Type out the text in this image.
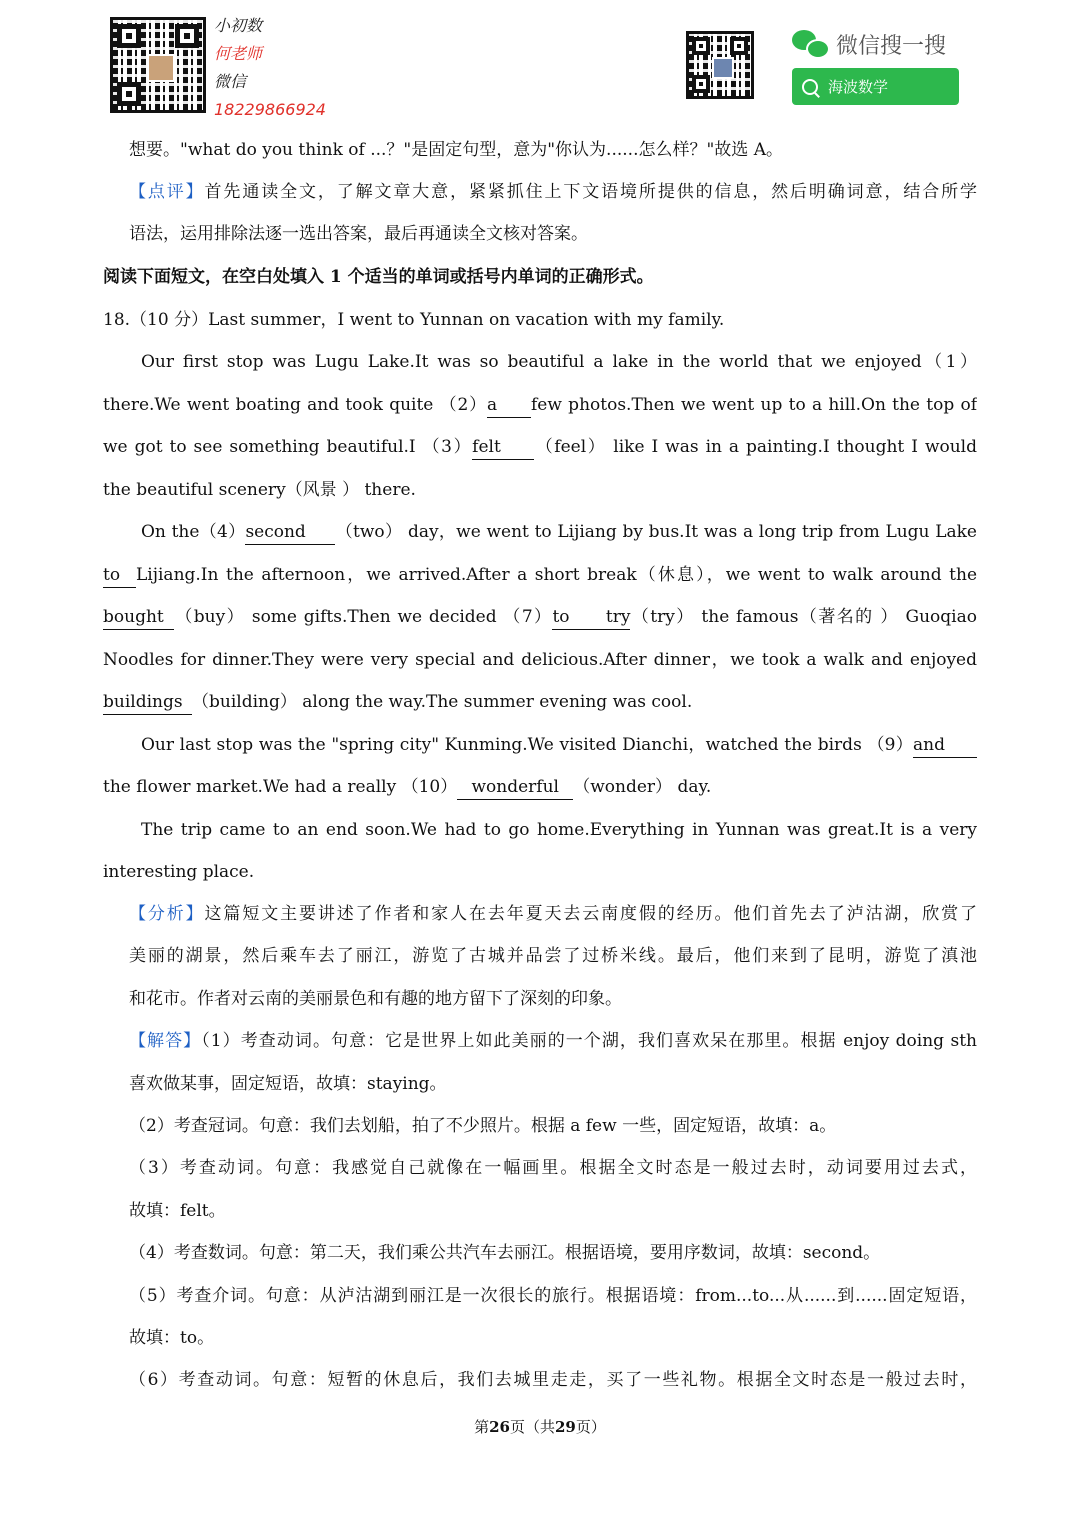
小初数
何老师
微信
18229866924
微信搜一搜
海波数学
想要。"what do you think of ...？"是固定句型，意为"你认为......怎么样？"故选 A。
【点评】首先通读全文，了解文章大意，紧紧抓住上下文语境所提供的信息，然后明确词意，结合所学
语法，运用排除法逐一选出答案，最后再通读全文核对答案。
阅读下面短文，在空白处填入 1 个适当的单词或括号内单词的正确形式。
18.（10 分）Last summer，I went to Yunnan on vacation with my family.
Our first stop was Lugu Lake.It was so beautiful a lake in the world that we enjoyed（1）
there.We went boating and took quite （2）a few photos.Then we went up to a hill.On the top of
we got to see something beautiful.I （3）felt （feel） like I was in a painting.I thought I would
the beautiful scenery（风景 ） there.
On the（4）second （two） day，we went to Lijiang by bus.It was a long trip from Lugu Lake
to Lijiang.In the afternoon，we arrived.After a short break（休息），we went to walk around the
bought （buy） some gifts.Then we decided （7）to try（try） the famous（著名的 ） Guoqiao
Noodles for dinner.They were very special and delicious.After dinner，we took a walk and enjoyed
buildings （building） along the way.The summer evening was cool.
Our last stop was the "spring city" Kunming.We visited Dianchi，watched the birds （9）and
the flower market.We had a really （10） wonderful （wonder） day.
The trip came to an end soon.We had to go home.Everything in Yunnan was great.It is a very
interesting place.
【分析】这篇短文主要讲述了作者和家人在去年夏天去云南度假的经历。他们首先去了泸沽湖，欣赏了
美丽的湖景，然后乘车去了丽江，游览了古城并品尝了过桥米线。最后，他们来到了昆明，游览了滇池
和花市。作者对云南的美丽景色和有趣的地方留下了深刻的印象。
【解答】（1）考查动词。句意：它是世界上如此美丽的一个湖，我们喜欢呆在那里。根据 enjoy doing sth
喜欢做某事，固定短语，故填：staying。
（2）考查冠词。句意：我们去划船，拍了不少照片。根据 a few 一些，固定短语，故填：a。
（3）考查动词。句意：我感觉自己就像在一幅画里。根据全文时态是一般过去时，动词要用过去式，
故填：felt。
（4）考查数词。句意：第二天，我们乘公共汽车去丽江。根据语境，要用序数词，故填：second。
（5）考查介词。句意：从泸沽湖到丽江是一次很长的旅行。根据语境：from...to...从......到......固定短语，
故填：to。
（6）考查动词。句意：短暂的休息后，我们去城里走走，买了一些礼物。根据全文时态是一般过去时，
第26页（共29页）
